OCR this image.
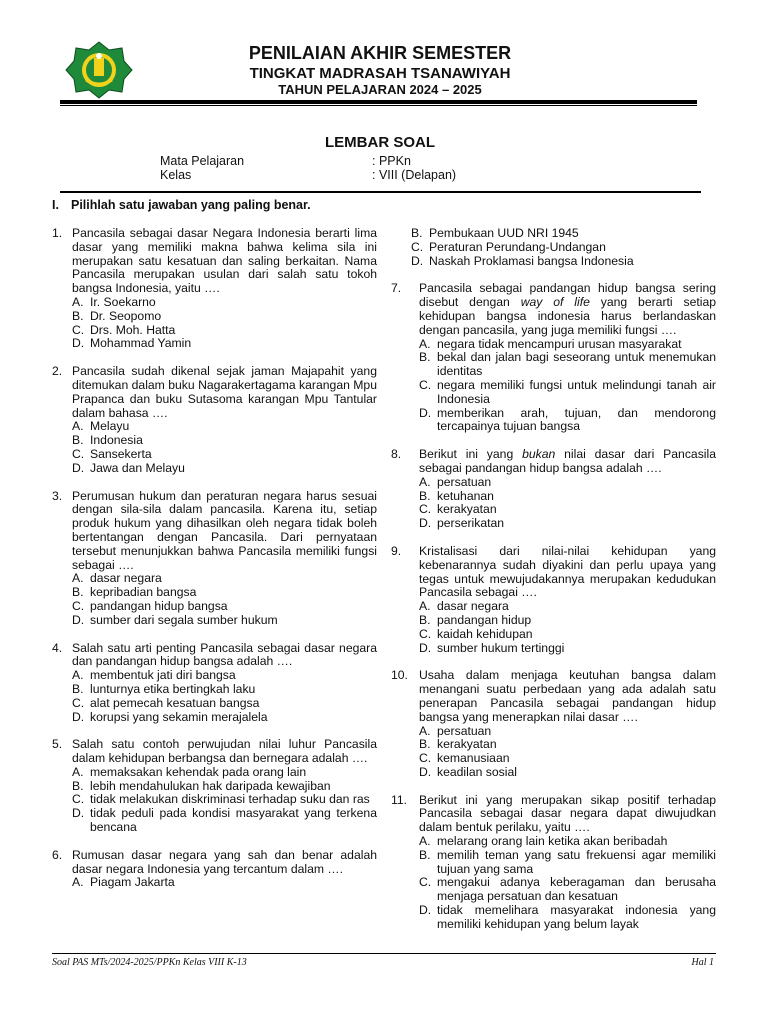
PENILAIAN AKHIR SEMESTER
TINGKAT MADRASAH TSANAWIYAH
TAHUN PELAJARAN 2024 – 2025
LEMBAR SOAL
Mata Pelajaran	: PPKn
Kelas	: VIII (Delapan)
I. Pilihlah satu jawaban yang paling benar.
1. Pancasila sebagai dasar Negara Indonesia berarti lima dasar yang memiliki makna bahwa kelima sila ini merupakan satu kesatuan dan saling berkaitan. Nama Pancasila merupakan usulan dari salah satu tokoh bangsa Indonesia, yaitu ….
A. Ir. Soekarno
B. Dr. Seopomo
C. Drs. Moh. Hatta
D. Mohammad Yamin
2. Pancasila sudah dikenal sejak jaman Majapahit yang ditemukan dalam buku Nagarakertagama karangan Mpu Prapanca dan buku Sutasoma karangan Mpu Tantular dalam bahasa ….
A. Melayu
B. Indonesia
C. Sansekerta
D. Jawa dan Melayu
3. Perumusan hukum dan peraturan negara harus sesuai dengan sila-sila dalam pancasila. Karena itu, setiap produk hukum yang dihasilkan oleh negara tidak boleh bertentangan dengan Pancasila. Dari pernyataan tersebut menunjukkan bahwa Pancasila memiliki fungsi sebagai ….
A. dasar negara
B. kepribadian bangsa
C. pandangan hidup bangsa
D. sumber dari segala sumber hukum
4. Salah satu arti penting Pancasila sebagai dasar negara dan pandangan hidup bangsa adalah ….
A. membentuk jati diri bangsa
B. lunturnya etika bertingkah laku
C. alat pemecah kesatuan bangsa
D. korupsi yang sekamin merajalela
5. Salah satu contoh perwujudan nilai luhur Pancasila dalam kehidupan berbangsa dan bernegara adalah ….
A. memaksakan kehendak pada orang lain
B. lebih mendahulukan hak daripada kewajiban
C. tidak melakukan diskriminasi terhadap suku dan ras
D. tidak peduli pada kondisi masyarakat yang terkena bencana
6. Rumusan dasar negara yang sah dan benar adalah dasar negara Indonesia yang tercantum dalam ….
A. Piagam Jakarta
B. Pembukaan UUD NRI 1945
C. Peraturan Perundang-Undangan
D. Naskah Proklamasi bangsa Indonesia
7. Pancasila sebagai pandangan hidup bangsa sering disebut dengan way of life yang berarti setiap kehidupan bangsa indonesia harus berlandaskan dengan pancasila, yang juga memiliki fungsi ….
A. negara tidak mencampuri urusan masyarakat
B. bekal dan jalan bagi seseorang untuk menemukan identitas
C. negara memiliki fungsi untuk melindungi tanah air Indonesia
D. memberikan arah, tujuan, dan mendorong tercapainya tujuan bangsa
8. Berikut ini yang bukan nilai dasar dari Pancasila sebagai pandangan hidup bangsa adalah ….
A. persatuan
B. ketuhanan
C. kerakyatan
D. perserikatan
9. Kristalisasi dari nilai-nilai kehidupan yang kebenarannya sudah diyakini dan perlu upaya yang tegas untuk mewujudakannya merupakan kedudukan Pancasila sebagai ….
A. dasar negara
B. pandangan hidup
C. kaidah kehidupan
D. sumber hukum tertinggi
10. Usaha dalam menjaga keutuhan bangsa dalam menangani suatu perbedaan yang ada adalah satu penerapan Pancasila sebagai pandangan hidup bangsa yang menerapkan nilai dasar ….
A. persatuan
B. kerakyatan
C. kemanusiaan
D. keadilan sosial
11. Berikut ini yang merupakan sikap positif terhadap Pancasila sebagai dasar negara dapat diwujudkan dalam bentuk perilaku, yaitu ….
A. melarang orang lain ketika akan beribadah
B. memilih teman yang satu frekuensi agar memiliki tujuan yang sama
C. mengakui adanya keberagaman dan berusaha menjaga persatuan dan kesatuan
D. tidak memelihara masyarakat indonesia yang memiliki kehidupan yang belum layak
Soal PAS MTs/2024-2025/PPKn Kelas VIII K-13	Hal 1
